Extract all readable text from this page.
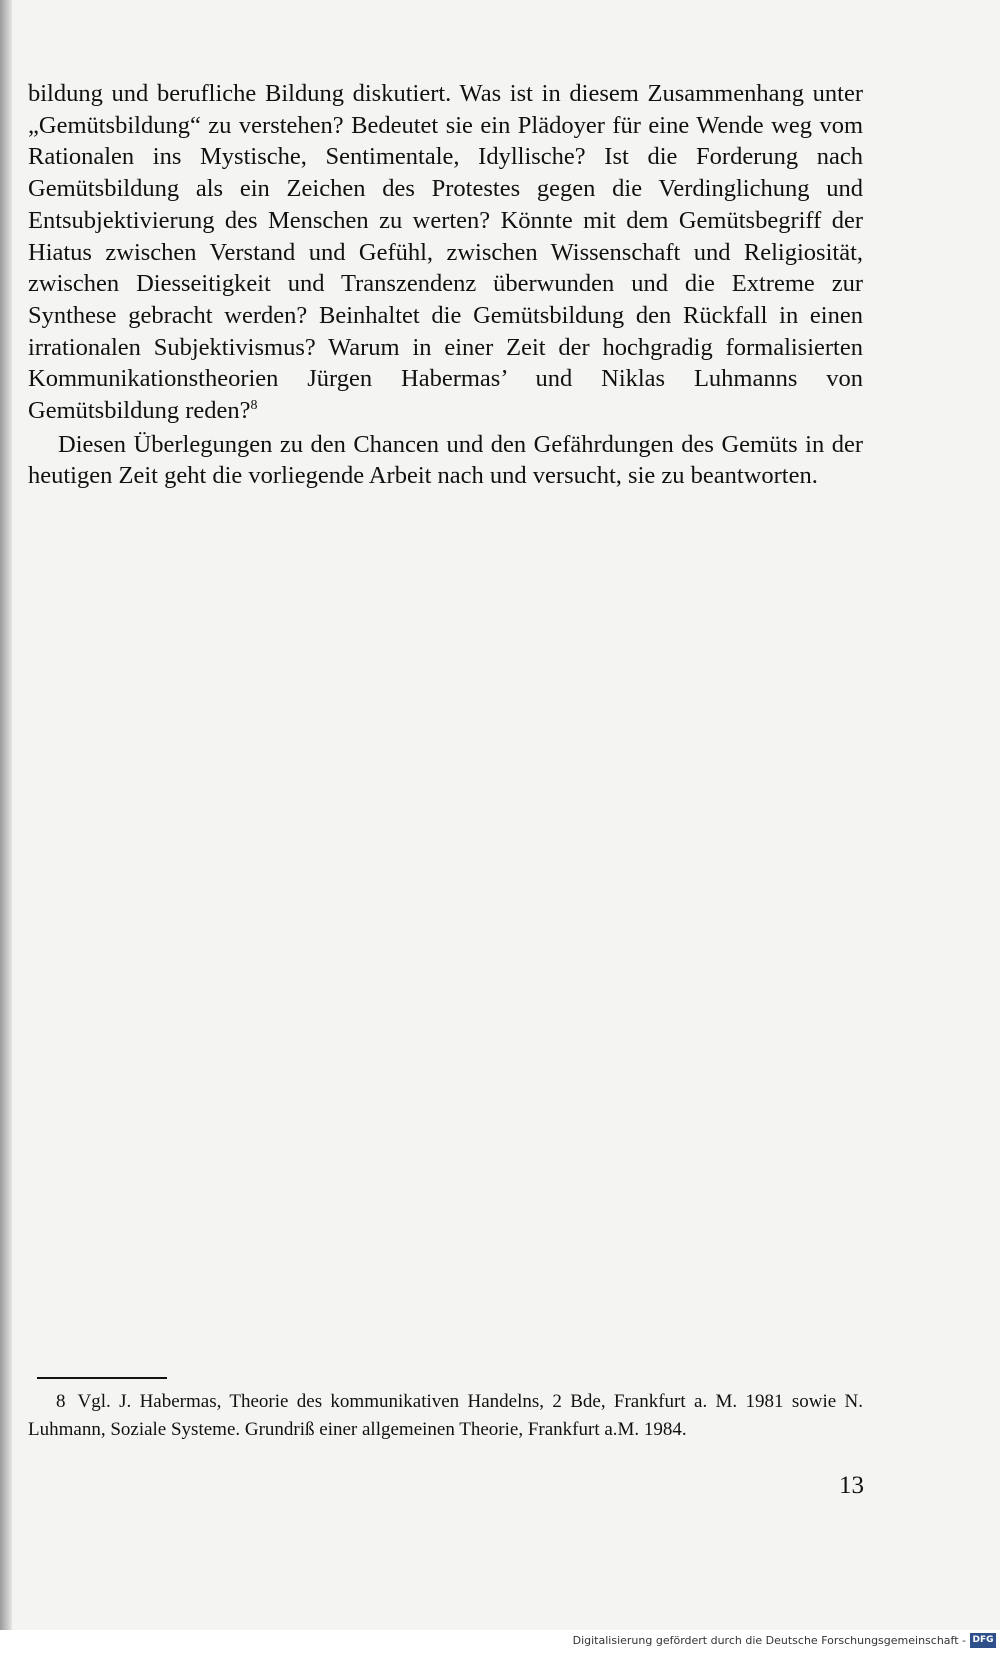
bildung und berufliche Bildung diskutiert. Was ist in diesem Zusammenhang unter „Gemütsbildung“ zu verstehen? Bedeutet sie ein Plädoyer für eine Wende weg vom Rationalen ins Mystische, Sentimentale, Idyllische? Ist die Forderung nach Gemütsbildung als ein Zeichen des Protestes gegen die Verdinglichung und Entsubjektivierung des Menschen zu werten? Könnte mit dem Gemütsbegriff der Hiatus zwischen Verstand und Gefühl, zwischen Wissenschaft und Religiosität, zwischen Diesseitigkeit und Transzendenz überwunden und die Extreme zur Synthese gebracht werden? Beinhaltet die Gemütsbildung den Rückfall in einen irrationalen Subjektivismus? Warum in einer Zeit der hochgradig formalisierten Kommunikationstheorien Jürgen Habermas’ und Niklas Luhmanns von Gemütsbildung reden?$^8$

Diesen Überlegungen zu den Chancen und den Gefährdungen des Gemüts in der heutigen Zeit geht die vorliegende Arbeit nach und versucht, sie zu beantworten.

8 Vgl. J. Habermas, Theorie des kommunikativen Handelns, 2 Bde, Frankfurt a. M. 1981 sowie N. Luhmann, Soziale Systeme. Grundriß einer allgemeinen Theorie, Frankfurt a.M. 1984.

13
Digitalisierung gefördert durch die Deutsche Forschungsgemeinschaft - DFG
